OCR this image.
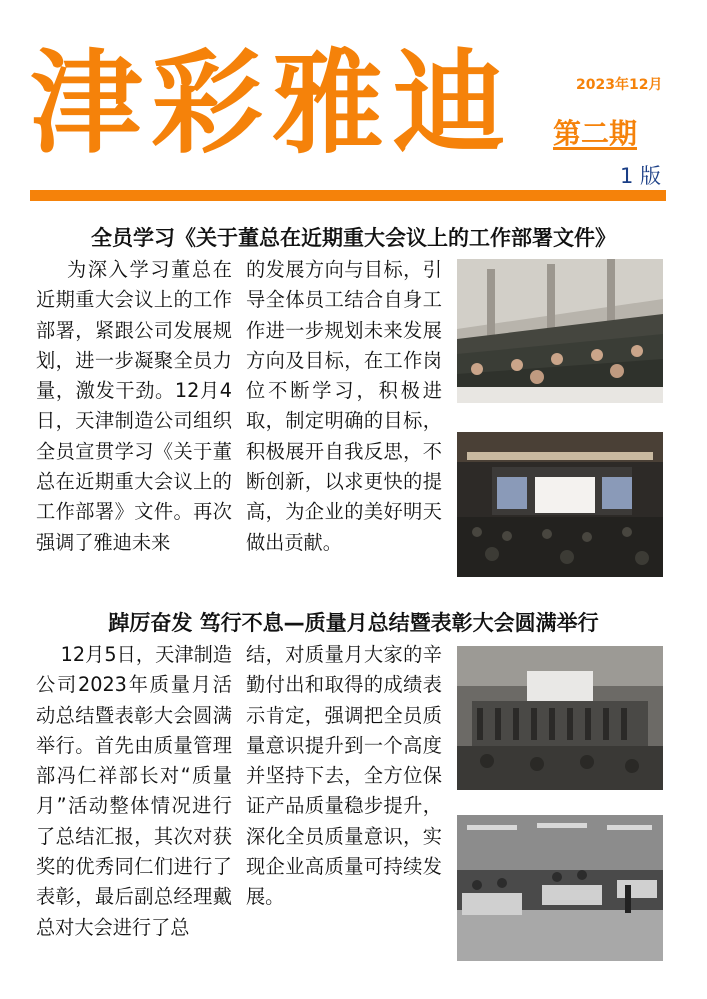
津彩雅迪	2023年12月
第二期
1 版
全员学习《关于董总在近期重大会议上的工作部署文件》
为深入学习董总在近期重大会议上的工作部署，紧跟公司发展规划，进一步凝聚全员力量，激发干劲。12月4日，天津制造公司组织全员宣贯学习《关于董总在近期重大会议上的工作部署》文件。再次强调了雅迪未来
的发展方向与目标，引导全体员工结合自身工作进一步规划未来发展方向及目标，在工作岗位不断学习，积极进取，制定明确的目标，积极展开自我反思，不断创新，以求更快的提高，为企业的美好明天做出贡献。
踔厉奋发 笃行不息—质量月总结暨表彰大会圆满举行
12月5日，天津制造公司2023年质量月活动总结暨表彰大会圆满举行。首先由质量管理部冯仁祥部长对“质量月”活动整体情况进行了总结汇报，其次对获奖的优秀同仁们进行了表彰，最后副总经理戴总对大会进行了总
结，对质量月大家的辛勤付出和取得的成绩表示肯定，强调把全员质量意识提升到一个高度并坚持下去，全方位保证产品质量稳步提升，深化全员质量意识，实现企业高质量可持续发展。
